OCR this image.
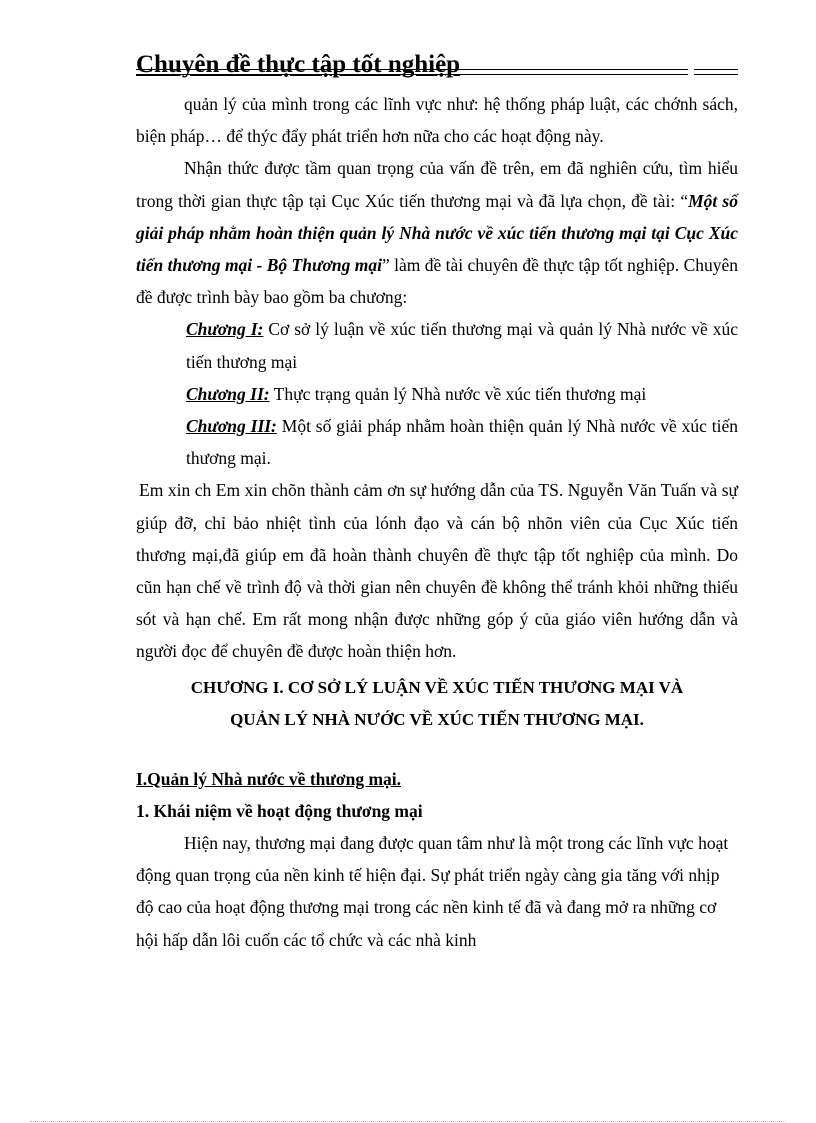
Chuyên đề thực tập tốt nghiệp

quản lý của mình trong các lĩnh vực như: hệ thống pháp luật, các chớnh sách, biện pháp… để thýc đẩy phát triển hơn nữa cho các hoạt động này.

Nhận thức được tầm quan trọng của vấn đề trên, em đã nghiên cứu, tìm hiểu trong thời gian thực tập tại Cục Xúc tiến thương mại và đã lựa chọn, đề tài: “Một số giải pháp nhằm hoàn thiện quản lý Nhà nước về xúc tiến thương mại tại Cục Xúc tiến thương mại - Bộ Thương mại” làm đề tài chuyên đề thực tập tốt nghiệp. Chuyên đề được trình bày bao gồm ba chương:

Chương I: Cơ sở lý luận về xúc tiến thương mại và quản lý Nhà nước về xúc tiến thương mại

Chương II: Thực trạng quản lý Nhà nước về xúc tiến thương mại

Chương III: Một số giải pháp nhằm hoàn thiện quản lý Nhà nước về xúc tiến thương mại.

Em xin ch Em xin chõn thành cảm ơn sự hướng dẫn của TS. Nguyễn Văn Tuấn và sự giúp đỡ, chỉ bảo nhiệt tình của lónh đạo và cán bộ nhõn viên của Cục Xúc tiến thương mại,đã giúp em đã hoàn thành chuyên đề thực tập tốt nghiệp của mình. Do cũn hạn chế về trình độ và thời gian nên chuyên đề không thể tránh khỏi những thiếu sót và hạn chế. Em rất mong nhận được những góp ý của giáo viên hướng dẫn và người đọc để chuyên đề được hoàn thiện hơn.

CHƯƠNG I. CƠ SỞ LÝ LUẬN VỀ XÚC TIẾN THƯƠNG MẠI VÀ
QUẢN LÝ NHÀ NƯỚC VỀ XÚC TIẾN THƯƠNG MẠI.

I.Quản lý Nhà nước về thương mại.

1. Khái niệm về hoạt động thương mại

Hiện nay, thương mại đang được quan tâm như là một trong các lĩnh vực hoạt động quan trọng của nền kinh tế hiện đại. Sự phát triển ngày càng gia tăng với nhịp độ cao của hoạt động thương mại trong các nền kinh tế đã và đang mở ra những cơ hội hấp dẫn lôi cuốn các tổ chức và các nhà kinh
